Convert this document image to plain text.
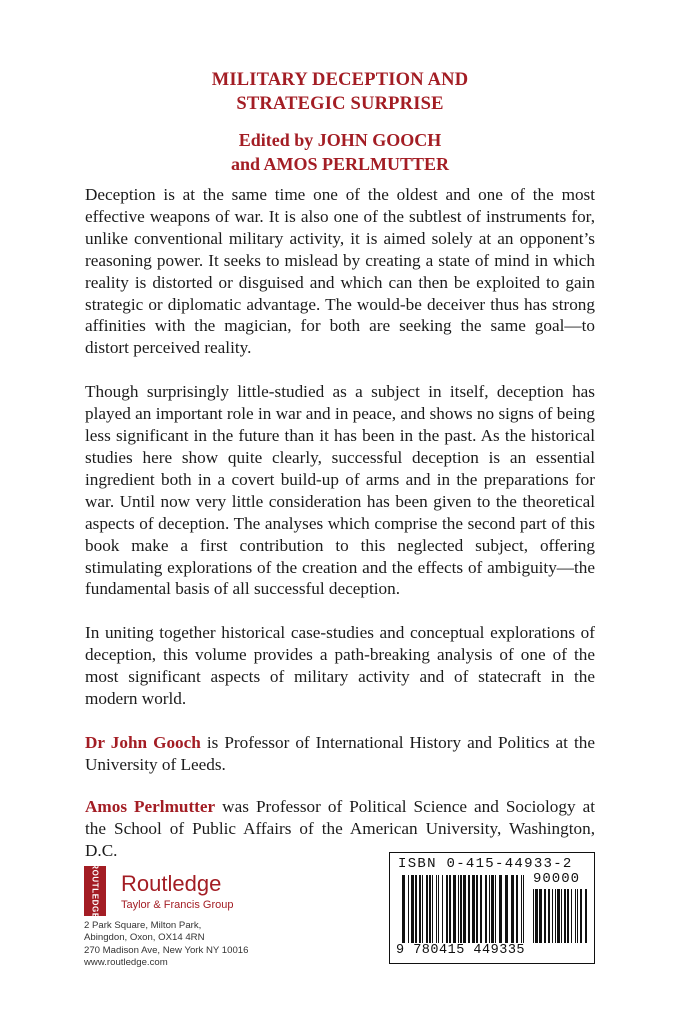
MILITARY DECEPTION AND
STRATEGIC SURPRISE
Edited by JOHN GOOCH
and AMOS PERLMUTTER

Deception is at the same time one of the oldest and one of the most effective weapons of war. It is also one of the subtlest of instruments for, unlike conventional military activity, it is aimed solely at an opponent’s reasoning power. It seeks to mislead by creating a state of mind in which reality is distorted or disguised and which can then be exploited to gain strategic or diplomatic advantage. The would-be deceiver thus has strong affinities with the magician, for both are seeking the same goal—to distort perceived reality.

Though surprisingly little-studied as a subject in itself, deception has played an important role in war and in peace, and shows no signs of being less significant in the future than it has been in the past. As the historical studies here show quite clearly, successful deception is an essential ingredient both in a covert build-up of arms and in the preparations for war. Until now very little consideration has been given to the theoretical aspects of deception. The analyses which comprise the second part of this book make a first contribution to this neglected subject, offering stimulating explorations of the creation and the effects of ambiguity—the fundamental basis of all successful deception.

In uniting together historical case-studies and conceptual explorations of deception, this volume provides a path-breaking analysis of one of the most significant aspects of military activity and of statecraft in the modern world.

Dr John Gooch is Professor of International History and Politics at the University of Leeds.

Amos Perlmutter was Professor of Political Science and Sociology at the School of Public Affairs of the American University, Washington, D.C.

ROUTLEDGE Routledge
Taylor & Francis Group
2 Park Square, Milton Park,
Abingdon, Oxon, OX14 4RN
270 Madison Ave, New York NY 10016
www.routledge.com
ISBN 0-415-44933-2
90000
9 780415 449335
